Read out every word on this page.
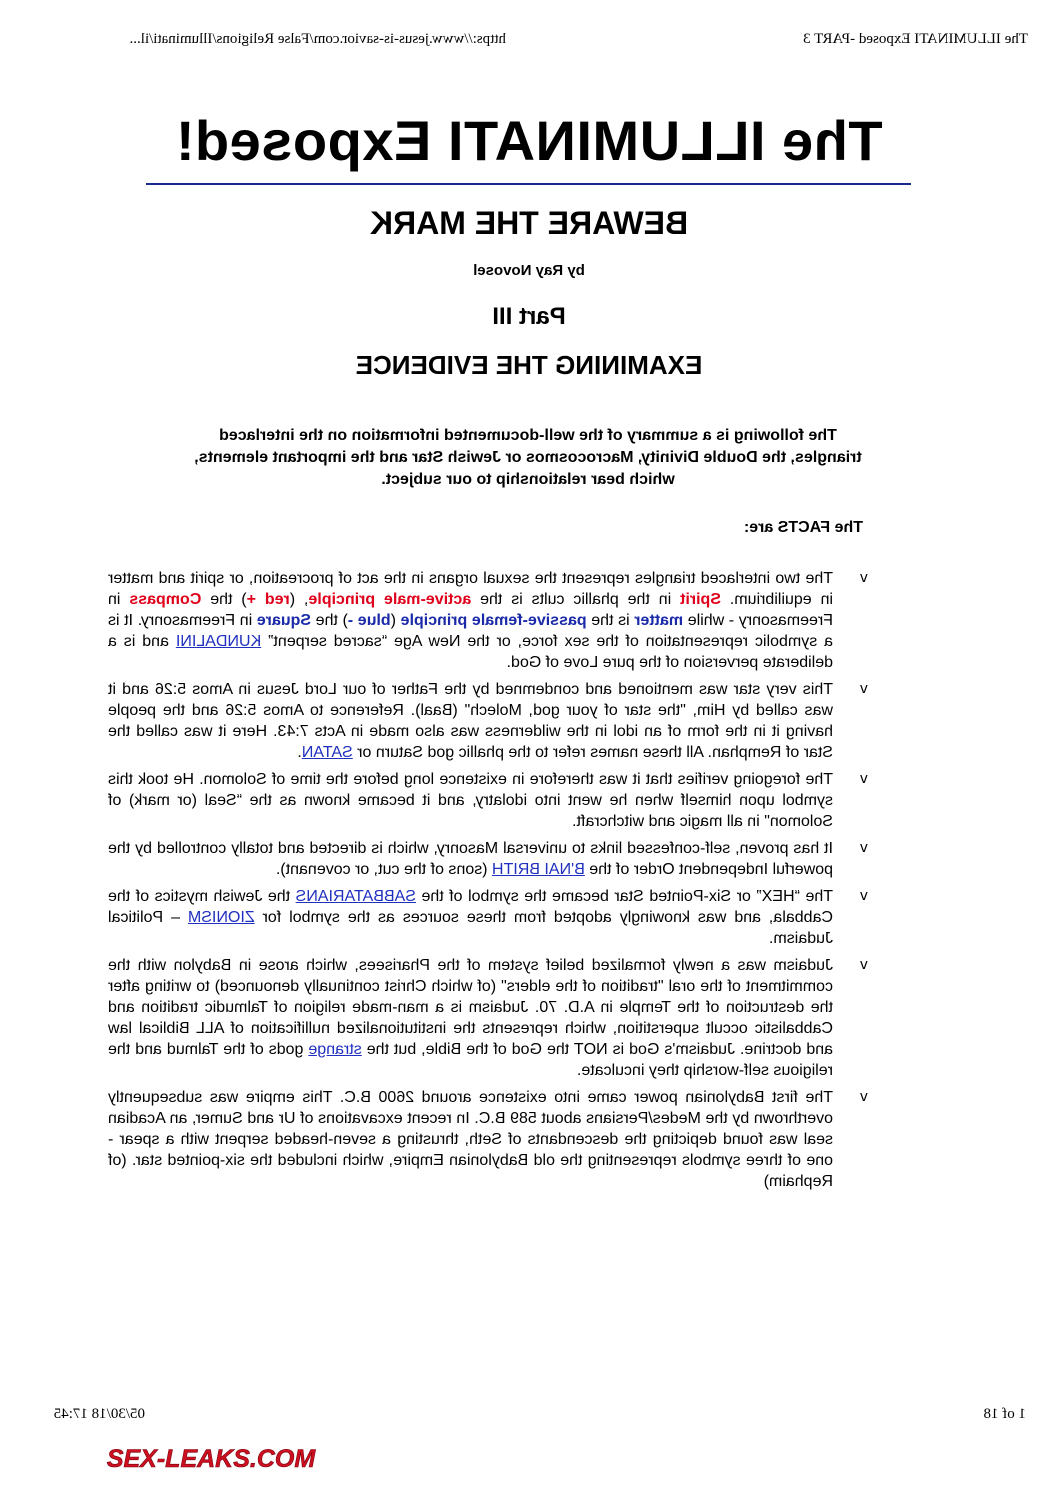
The ILLUMINATI Exposed -PART 3
https://www.jesus-is-savior.com/False Religions/Illuminati/il...
The ILLUMINATI Exposed!
BEWARE THE MARK
by Ray Novosel
Part III
EXAMINING THE EVIDENCE
The following is a summary of the well-documented information on the interlaced triangles, the Double Divinity, Macrocosmos or Jewish Star and the important elements, which bear relationship to our subject.
The FACTS are:
v
The two interlaced triangles represent the sexual organs in the act of procreation, or spirit and matter in equilibrium. Spirit in the phallic cults is the active-male principle, (red +) the Compass in Freemasonry - while matter is the passive-female principle (blue -) the Square in Freemasonry. It is a symbolic representation of the sex force, or the New Age “sacred serpent” KUNDALINI and is a deliberate perversion of the pure Love of God.
v
This very star was mentioned and condemned by the Father of our Lord Jesus in Amos 5:26 and it was called by Him, "the star of your god, Molech" (Baal). Reference to Amos 5:26 and the people having it in the form of an idol in the wilderness was also made in Acts 7:43. Here it was called the Star of Remphan. All these names refer to the phallic god Saturn or SATAN.
v
The foregoing verifies that it was therefore in existence long before the time of Solomon. He took this symbol upon himself when he went into idolatry, and it became known as the “Seal (or mark) of Solomon" in all magic and witchcraft.
v
It has proven, self-confessed links to universal Masonry, which is directed and totally controlled by the powerful Independent Order of the B'NAI BRITH (sons of the cut, or covenant).
v
The “HEX” or Six-Pointed Star became the symbol of the SABBATARIANS the Jewish mystics of the Cabbala, and was knowingly adopted from these sources as the symbol for ZIONISM – Political Judaism.
v
Judaism was a newly formalized belief system of the Pharisees, which arose in Babylon with the commitment of the oral "tradition of the elders" (of which Christ continually denounced) to writing after the destruction of the Temple in A.D. 70. Judaism is a man-made religion of Talmudic tradition and Cabbalistic occult superstition, which represents the institutionalized nullification of ALL Biblical law and doctrine. Judaism's God is NOT the God of the Bible, but the strange gods of the Talmud and the religious self-worship they inculcate.
v
The first Babylonian power came into existence around 2600 B.C. This empire was subsequently overthrown by the Medes/Persians about 589 B.C. In recent excavations of Ur and Sumer, an Acadian seal was found depicting the descendants of Seth, thrusting a seven-headed serpent with a spear - one of three symbols representing the old Babylonian Empire, which included the six-pointed star. (of Rephaim)
1 of 18
05/30/18 17:45
SEX-LEAKS.COM
